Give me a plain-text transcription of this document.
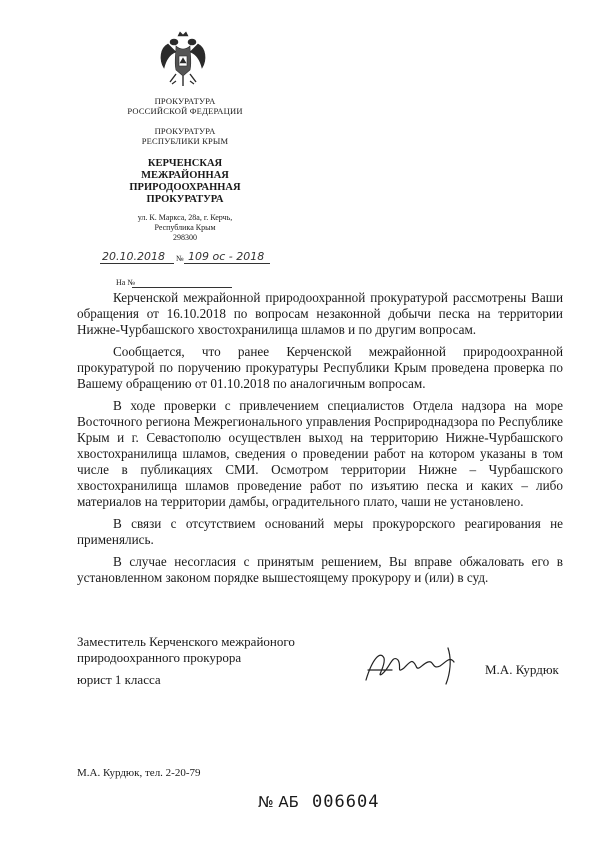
ПРОКУРАТУРА
РОССИЙСКОЙ ФЕДЕРАЦИИ
ПРОКУРАТУРА
РЕСПУБЛИКИ КРЫМ
КЕРЧЕНСКАЯ
МЕЖРАЙОННАЯ
ПРИРОДООХРАННАЯ
ПРОКУРАТУРА
ул. К. Маркса, 28а, г. Керчь,
Республика Крым
298300
20.10.2018 № 109 ос - 2018
На №

Керченской межрайонной природоохранной прокуратурой рассмотрены Ваши обращения от 16.10.2018 по вопросам незаконной добычи песка на территории Нижне-Чурбашского хвостохранилища шламов и по другим вопросам.

Сообщается, что ранее Керченской межрайонной природоохранной прокуратурой по поручению прокуратуры Республики Крым проведена проверка по Вашему обращению от 01.10.2018 по аналогичным вопросам.

В ходе проверки с привлечением специалистов Отдела надзора на море Восточного региона Межрегионального управления Росприроднадзора по Республике Крым и г. Севастополю осуществлен выход на территорию Нижне-Чурбашского хвостохранилища шламов, сведения о проведении работ на котором указаны в том числе в публикациях СМИ. Осмотром территории Нижне – Чурбашского хвостохранилища шламов проведение работ по изъятию песка и каких – либо материалов на территории дамбы, оградительного плато, чаши не установлено.

В связи с отсутствием оснований меры прокурорского реагирования не применялись.

В случае несогласия с принятым решением, Вы вправе обжаловать его в установленном законом порядке вышестоящему прокурору и (или) в суд.

Заместитель Керченского межрайоного
природоохранного прокурора
юрист 1 класса
М.А. Курдюк
М.А. Курдюк, тел. 2-20-79
№ АБ 006604
